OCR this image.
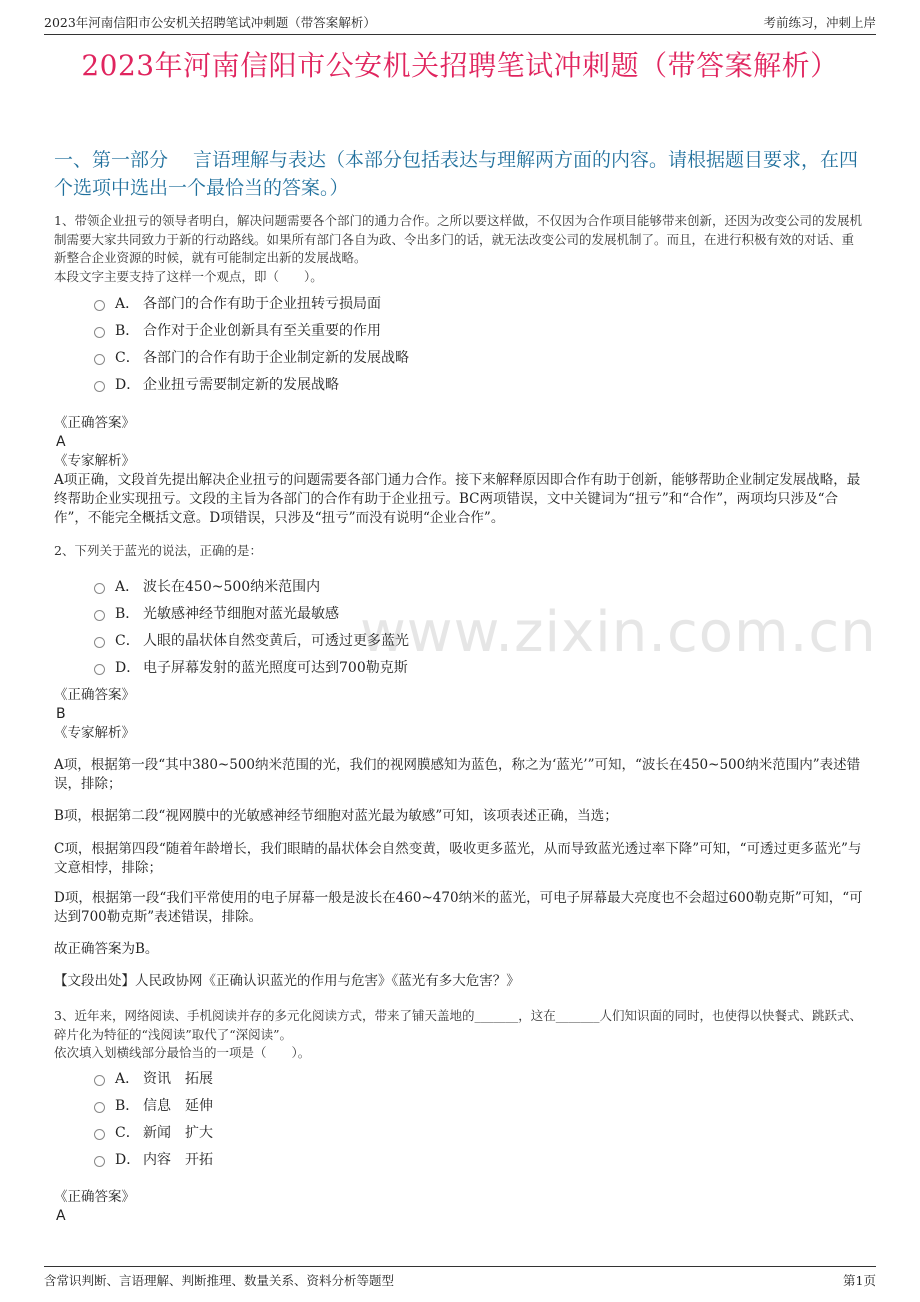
2023年河南信阳市公安机关招聘笔试冲刺题（带答案解析）	考前练习，冲刺上岸
www.zixin.com.cn
2023年河南信阳市公安机关招聘笔试冲刺题（带答案解析）
一、第一部分　 言语理解与表达（本部分包括表达与理解两方面的内容。请根据题目要求，在四个选项中选出一个最恰当的答案。）
1、带领企业扭亏的领导者明白，解决问题需要各个部门的通力合作。之所以要这样做，不仅因为合作项目能够带来创新，还因为改变公司的发展机制需要大家共同致力于新的行动路线。如果所有部门各自为政、令出多门的话，就无法改变公司的发展机制了。而且，在进行积极有效的对话、重新整合企业资源的时候，就有可能制定出新的发展战略。
本段文字主要支持了这样一个观点，即（　　）。
A． 各部门的合作有助于企业扭转亏损局面
B． 合作对于企业创新具有至关重要的作用
C． 各部门的合作有助于企业制定新的发展战略
D． 企业扭亏需要制定新的发展战略
《正确答案》
A
《专家解析》
A项正确，文段首先提出解决企业扭亏的问题需要各部门通力合作。接下来解释原因即合作有助于创新，能够帮助企业制定发展战略，最终帮助企业实现扭亏。文段的主旨为各部门的合作有助于企业扭亏。BC两项错误，文中关键词为“扭亏”和“合作”，两项均只涉及“合作”，不能完全概括文意。D项错误，只涉及“扭亏”而没有说明“企业合作”。
2、下列关于蓝光的说法，正确的是：
A． 波长在450~500纳米范围内
B． 光敏感神经节细胞对蓝光最敏感
C． 人眼的晶状体自然变黄后，可透过更多蓝光
D． 电子屏幕发射的蓝光照度可达到700勒克斯
《正确答案》
B
《专家解析》

A项，根据第一段“其中380~500纳米范围的光，我们的视网膜感知为蓝色，称之为‘蓝光’”可知，“波长在450~500纳米范围内”表述错误，排除；

B项，根据第二段“视网膜中的光敏感神经节细胞对蓝光最为敏感”可知，该项表述正确，当选；

C项，根据第四段“随着年龄增长，我们眼睛的晶状体会自然变黄，吸收更多蓝光，从而导致蓝光透过率下降”可知，“可透过更多蓝光”与文意相悖，排除；

D项，根据第一段“我们平常使用的电子屏幕一般是波长在460~470纳米的蓝光，可电子屏幕最大亮度也不会超过600勒克斯”可知，“可达到700勒克斯”表述错误，排除。

故正确答案为B。

【文段出处】人民政协网《正确认识蓝光的作用与危害》《蓝光有多大危害？》
3、近年来，网络阅读、手机阅读并存的多元化阅读方式，带来了铺天盖地的_______，这在_______人们知识面的同时，也使得以快餐式、跳跃式、碎片化为特征的“浅阅读”取代了“深阅读”。
依次填入划横线部分最恰当的一项是（　　）。
A． 资讯　拓展
B． 信息　延伸
C． 新闻　扩大
D． 内容　开拓
《正确答案》
A
含常识判断、言语理解、判断推理、数量关系、资料分析等题型	第1页
